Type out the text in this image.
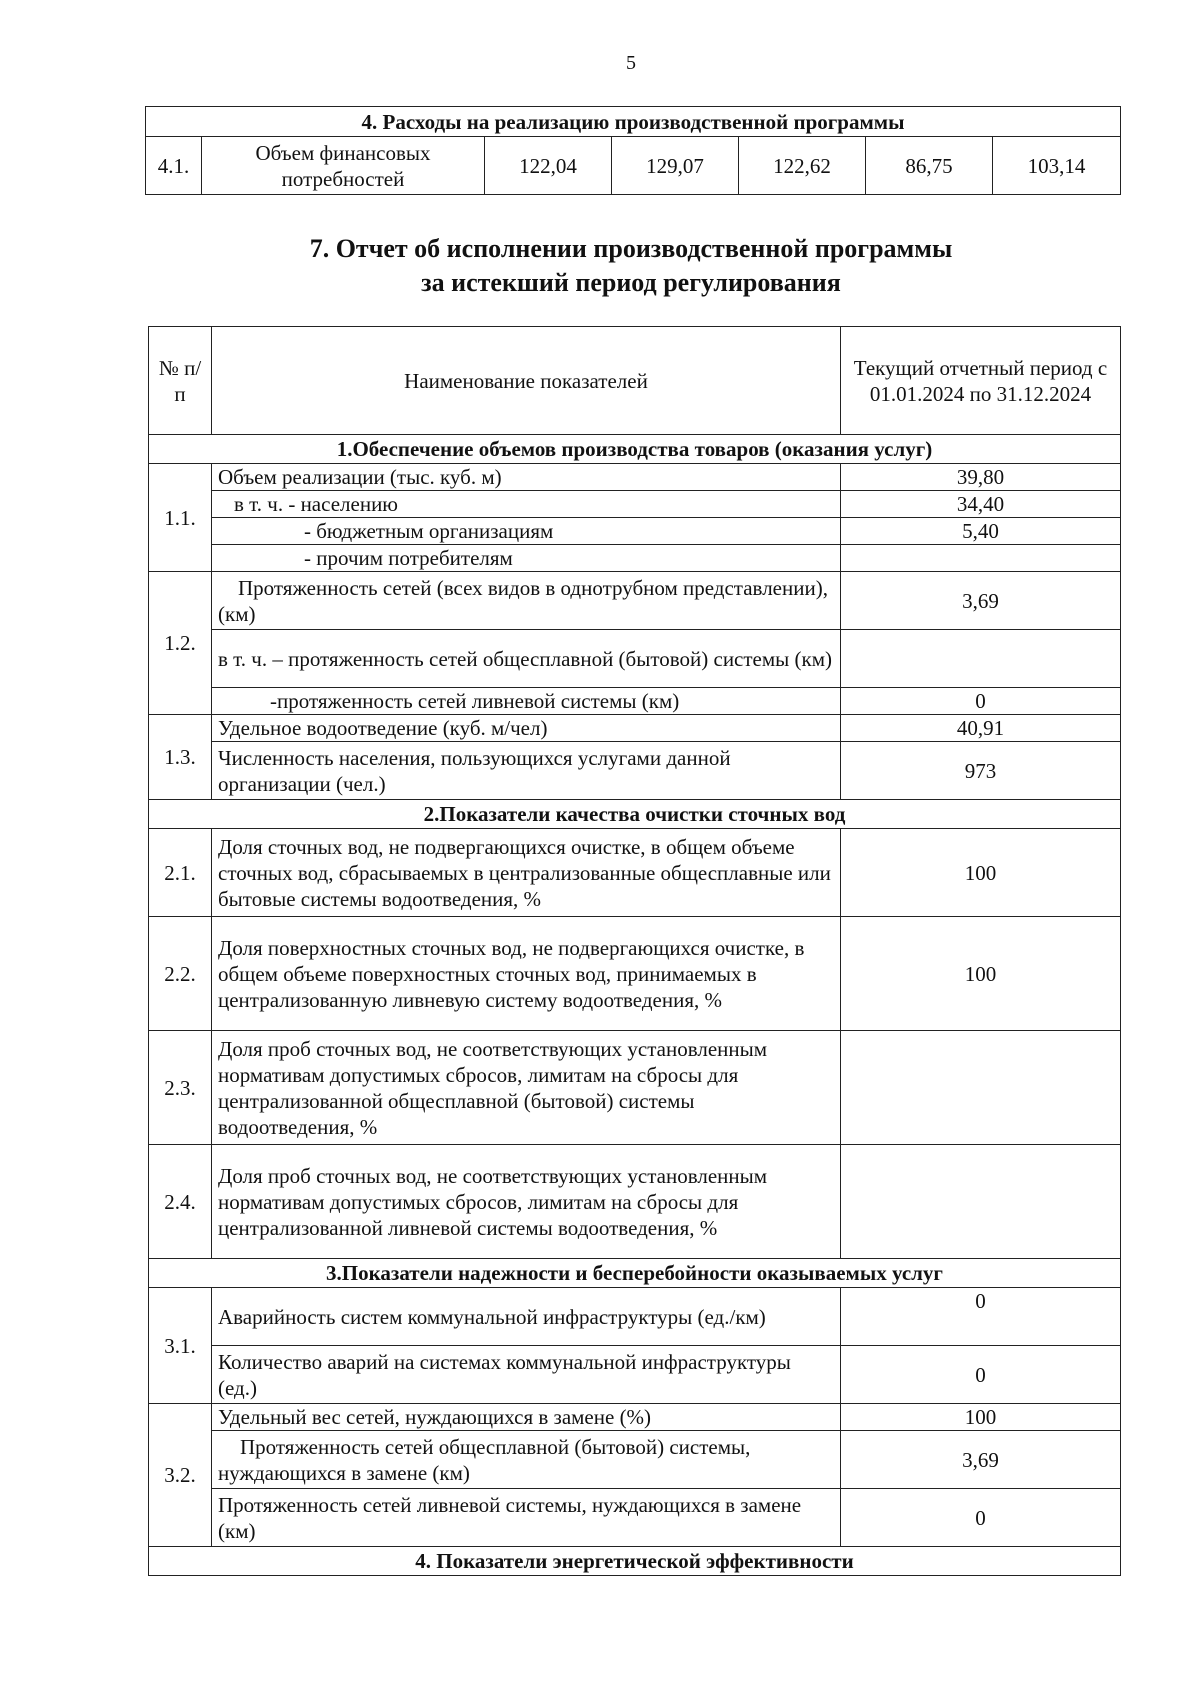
5
4. Расходы на реализацию производственной программы
4.1.	Объем финансовых потребностей	122,04	129,07	122,62	86,75	103,14
7. Отчет об исполнении производственной программы
за истекший период регулирования
№ п/п	Наименование показателей	Текущий отчетный период с 01.01.2024 по 31.12.2024
1.Обеспечение объемов производства товаров (оказания услуг)		
1.1.	Объем реализации (тыс. куб. м)	39,80
	в т. ч. - населению	34,40
	- бюджетным организациям	5,40
	- прочим потребителям	
1.2.	Протяженность сетей (всех видов в однотрубном представлении), (км)	3,69
	в т. ч. – протяженность сетей общесплавной (бытовой) системы (км)	
	-протяженность сетей ливневой системы (км)	0
1.3.	Удельное водоотведение (куб. м/чел)	40,91
	Численность населения, пользующихся услугами данной организации (чел.)	973
2.Показатели качества очистки сточных вод		
2.1.	Доля сточных вод, не подвергающихся очистке, в общем объеме сточных вод, сбрасываемых в централизованные общесплавные или бытовые системы водоотведения, %	100
2.2.	Доля поверхностных сточных вод, не подвергающихся очистке, в общем объеме поверхностных сточных вод, принимаемых в централизованную ливневую систему водоотведения, %	100
2.3.	Доля проб сточных вод, не соответствующих установленным нормативам допустимых сбросов, лимитам на сбросы для централизованной общесплавной (бытовой) системы водоотведения, %	
2.4.	Доля проб сточных вод, не соответствующих установленным нормативам допустимых сбросов, лимитам на сбросы для централизованной ливневой системы водоотведения, %	
3.Показатели надежности и бесперебойности оказываемых услуг		
3.1.	Аварийность систем коммунальной инфраструктуры (ед./км)	0
	Количество аварий на системах коммунальной инфраструктуры (ед.)	0
3.2.	Удельный вес сетей, нуждающихся в замене (%)	100
	Протяженность сетей общесплавной (бытовой) системы, нуждающихся в замене (км)	3,69
	Протяженность сетей ливневой системы, нуждающихся в замене (км)	0
4. Показатели энергетической эффективности		
